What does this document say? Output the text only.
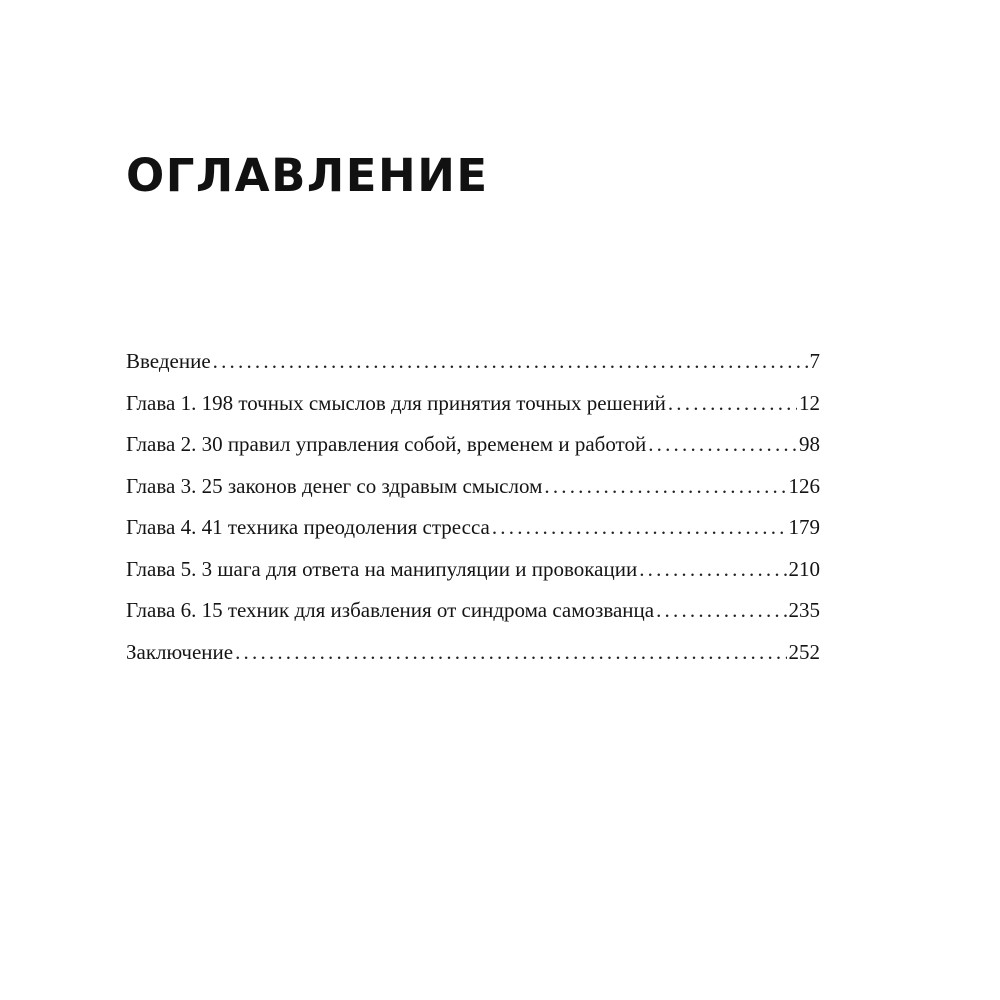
ОГЛАВЛЕНИЕ
Введение .....	7
Глава 1. 198 точных смыслов для принятия точных решений .....	12
Глава 2. 30 правил управления собой, временем и работой .....	98
Глава 3. 25 законов денег со здравым смыслом .....	126
Глава 4. 41 техника преодоления стресса .....	179
Глава 5. 3 шага для ответа на манипуляции и провокации .....	210
Глава 6. 15 техник для избавления от синдрома самозванца .....	235
Заключение .....	252
